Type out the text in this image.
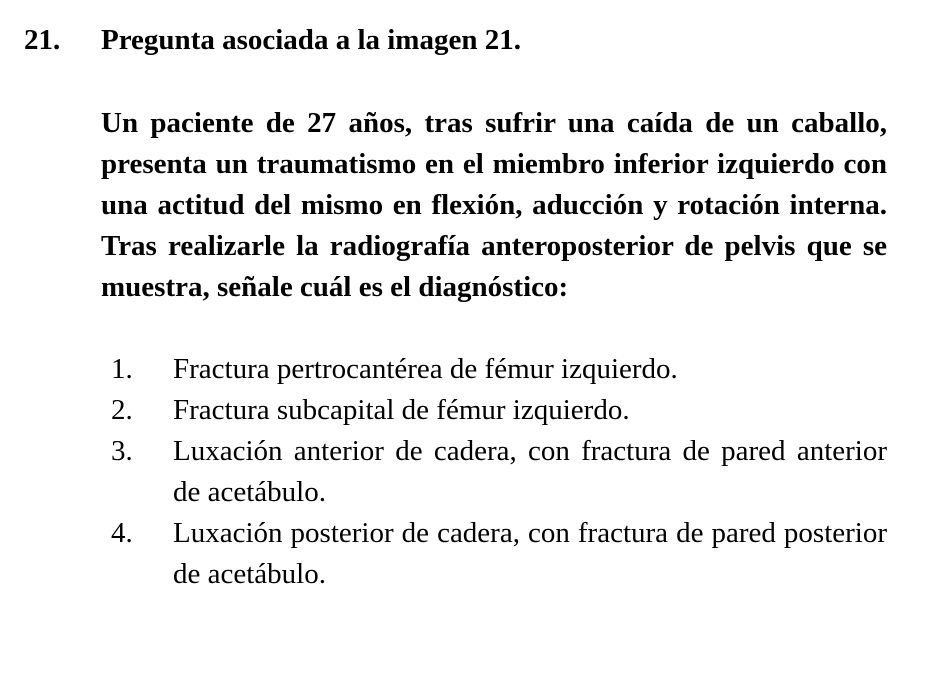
21.	Pregunta asociada a la imagen 21.
Un paciente de 27 años, tras sufrir una caída de un caballo, presenta un traumatismo en el miembro inferior izquierdo con una actitud del mismo en flexión, aducción y rotación interna. Tras realizarle la radiografía anteroposterior de pelvis que se muestra, señale cuál es el diagnóstico:
1.	Fractura pertrocantérea de fémur izquierdo.
2.	Fractura subcapital de fémur izquierdo.
3.	Luxación anterior de cadera, con fractura de pared anterior de acetábulo.
4.	Luxación posterior de cadera, con fractura de pared posterior de acetábulo.
